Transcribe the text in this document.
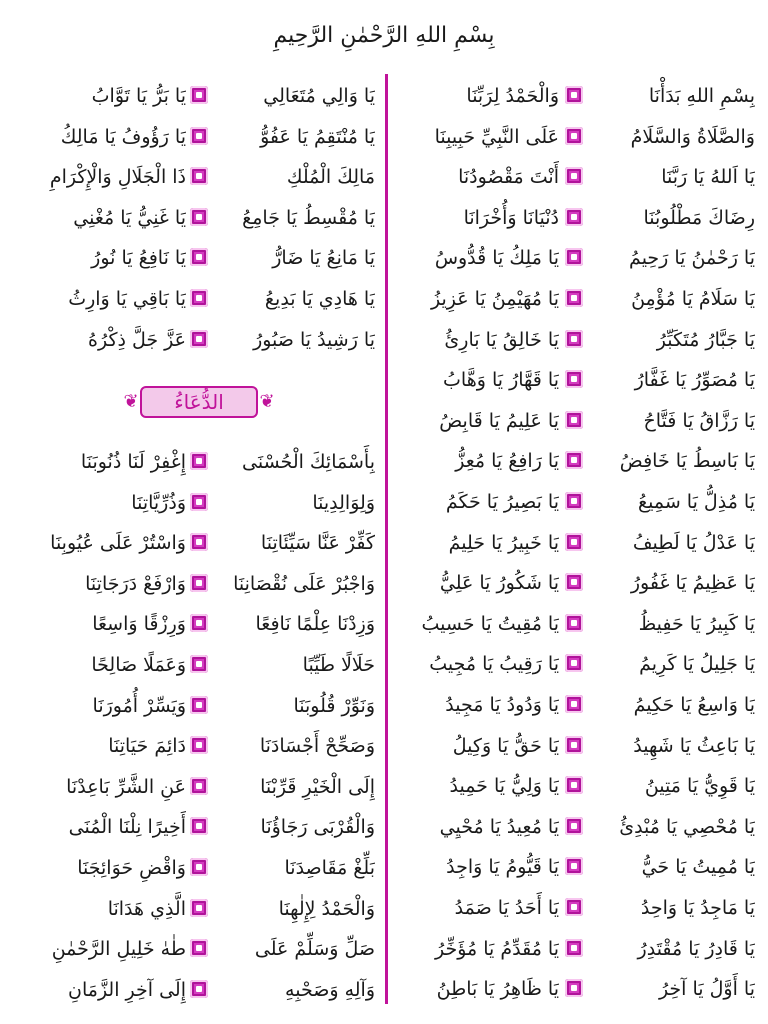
بِسْمِ اللهِ الرَّحْمٰنِ الرَّحِيمِ
بِسْمِ اللهِ بَدَأْنَا
وَالْحَمْدُ لِرَبِّنَا
وَالصَّلَاةُ وَالسَّلَامُ
عَلَى النَّبِيِّ حَبِيبِنَا
يَا اَللهُ يَا رَبَّنَا
أَنْتَ مَقْصُودُنَا
رِضَاكَ مَطْلُوبُنَا
دُنْيَانَا وَأُخْرَانَا
يَا رَحْمٰنُ يَا رَحِيمُ
يَا مَلِكُ يَا قُدُّوسُ
يَا سَلَامُ يَا مُؤْمِنُ
يَا مُهَيْمِنُ يَا عَزِيزُ
يَا جَبَّارُ مُتَكَبِّرُ
يَا خَالِقُ يَا بَارِئُ
يَا مُصَوِّرُ يَا غَفَّارُ
يَا قَهَّارُ يَا وَهَّابُ
يَا رَزَّاقُ يَا فَتَّاحُ
يَا عَلِيمُ يَا قَابِضُ
يَا بَاسِطُ يَا خَافِضُ
يَا رَافِعُ يَا مُعِزُّ
يَا مُذِلُّ يَا سَمِيعُ
يَا بَصِيرُ يَا حَكَمُ
يَا عَدْلُ يَا لَطِيفُ
يَا خَبِيرُ يَا حَلِيمُ
يَا عَظِيمُ يَا غَفُورُ
يَا شَكُورُ يَا عَلِيُّ
يَا كَبِيرُ يَا حَفِيظُ
يَا مُقِيتُ يَا حَسِيبُ
يَا جَلِيلُ يَا كَرِيمُ
يَا رَقِيبُ يَا مُجِيبُ
يَا وَاسِعُ يَا حَكِيمُ
يَا وَدُودُ يَا مَجِيدُ
يَا بَاعِثُ يَا شَهِيدُ
يَا حَقُّ يَا وَكِيلُ
يَا قَوِيُّ يَا مَتِينُ
يَا وَلِيُّ يَا حَمِيدُ
يَا مُحْصِي يَا مُبْدِئُ
يَا مُعِيدُ يَا مُحْيِي
يَا مُمِيتُ يَا حَيُّ
يَا قَيُّومُ يَا وَاجِدُ
يَا مَاجِدُ يَا وَاحِدُ
يَا أَحَدُ يَا صَمَدُ
يَا قَادِرُ يَا مُقْتَدِرُ
يَا مُقَدِّمُ يَا مُؤَخِّرُ
يَا أَوَّلُ يَا آخِرُ
يَا ظَاهِرُ يَا بَاطِنُ
يَا وَالِي مُتَعَالِي
يَا بَرُّ يَا تَوَّابُ
يَا مُنْتَقِمُ يَا عَفُوُّ
يَا رَؤُوفُ يَا مَالِكُ
مَالِكَ الْمُلْكِ
ذَا الْجَلَالِ وَالْإِكْرَامِ
يَا مُقْسِطُ يَا جَامِعُ
يَا غَنِيُّ يَا مُغْنِي
يَا مَانِعُ يَا ضَارُّ
يَا نَافِعُ يَا نُورُ
يَا هَادِي يَا بَدِيعُ
يَا بَاقِي يَا وَارِثُ
يَا رَشِيدُ يَا صَبُورُ
عَزَّ جَلَّ ذِكْرُهُ
❦	الدُّعَاءُ	❦
بِأَسْمَائِكَ الْحُسْنَى
إِغْفِرْ لَنَا ذُنُوبَنَا
وَلِوَالِدِينَا
وَذُرِّيَّاتِنَا
كَفِّرْ عَنَّا سَيِّئَاتِنَا
وَاسْتُرْ عَلَى عُيُوبِنَا
وَاجْبُرْ عَلَى نُقْصَانِنَا
وَارْفَعْ دَرَجَاتِنَا
وَزِدْنَا عِلْمًا نَافِعًا
وَرِزْقًا وَاسِعًا
حَلَالًا طَيِّبًا
وَعَمَلًا صَالِحًا
وَنَوِّرْ قُلُوبَنَا
وَيَسِّرْ أُمُورَنَا
وَصَحِّحْ أَجْسَادَنَا
دَائِمَ حَيَاتِنَا
إِلَى الْخَيْرِ قَرِّبْنَا
عَنِ الشَّرِّ بَاعِدْنَا
وَالْقُرْبَى رَجَاؤُنَا
أَخِيرًا نِلْنَا الْمُنَى
بَلِّغْ مَقَاصِدَنَا
وَاقْضِ حَوَائِجَنَا
وَالْحَمْدُ لِإِلٰهِنَا
الَّذِي هَدَانَا
صَلِّ وَسَلِّمْ عَلَى
طٰهٰ خَلِيلِ الرَّحْمٰنِ
وَآلِهِ وَصَحْبِهِ
إِلَى آخِرِ الزَّمَانِ
